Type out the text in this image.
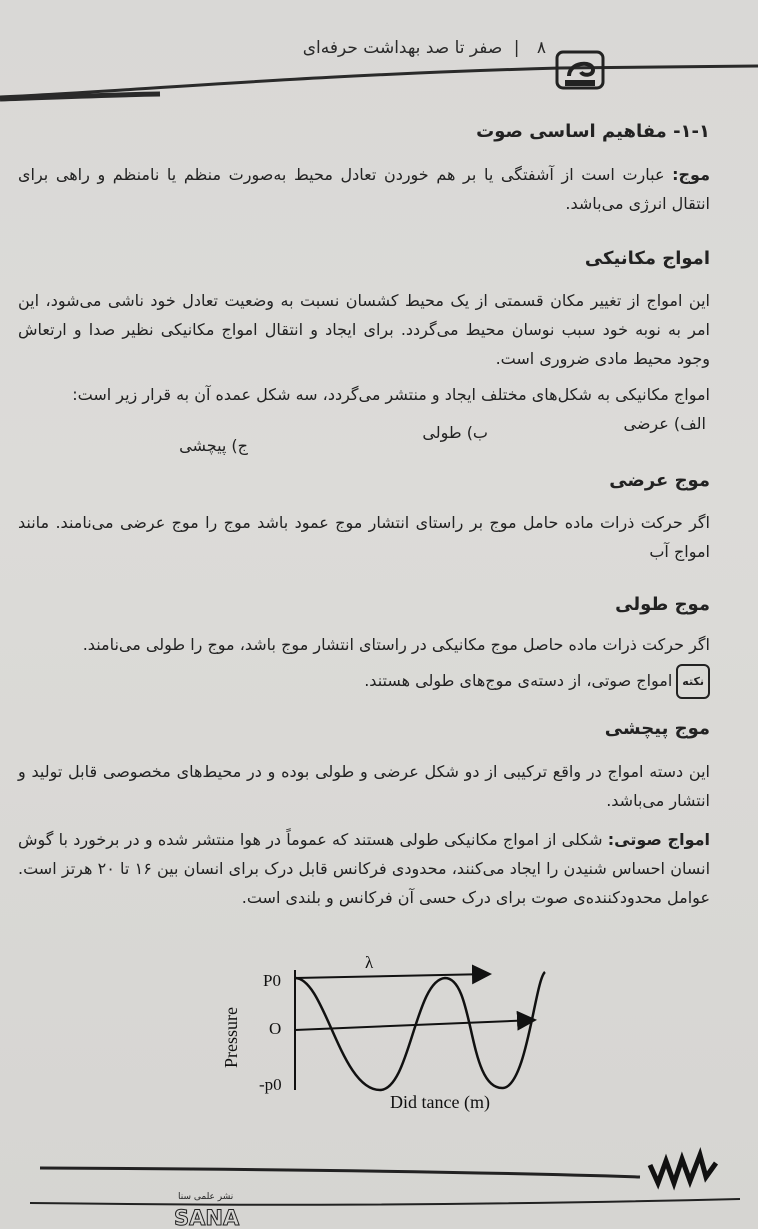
۸ | صفر تا صد بهداشت حرفه‌ای
۱-۱- مفاهیم اساسی صوت

موج: عبارت است از آشفتگی یا بر هم خوردن تعادل محیط به‌صورت منظم یا نامنظم و راهی برای انتقال انرژی می‌باشد.

امواج مکانیکی
این امواج از تغییر مکان قسمتی از یک محیط کشسان نسبت به وضعیت تعادل خود ناشی می‌شود، این امر به نوبه خود سبب نوسان محیط می‌گردد. برای ایجاد و انتقال امواج مکانیکی نظیر صدا و ارتعاش وجود محیط مادی ضروری است.
امواج مکانیکی به شکل‌های مختلف ایجاد و منتشر می‌گردد، سه شکل عمده آن به قرار زیر است:
الف) عرضی
ب) طولی
ج) پیچشی
موج عرضی
اگر حرکت ذرات ماده حامل موج بر راستای انتشار موج عمود باشد موج را موج عرضی می‌نامند. مانند امواج آب
موج طولی
اگر حرکت ذرات ماده حاصل موج مکانیکی در راستای انتشار موج باشد، موج را طولی می‌نامند.
نکتهامواج صوتی، از دسته‌ی موج‌های طولی هستند.
موج پیچشی
این دسته امواج در واقع ترکیبی از دو شکل عرضی و طولی بوده و در محیط‌های مخصوصی قابل تولید و انتشار می‌باشد.

امواج صوتی: شکلی از امواج مکانیکی طولی هستند که عموماً در هوا منتشر شده و در برخورد با گوش انسان احساس شنیدن را ایجاد می‌کنند، محدودی فرکانس قابل درک برای انسان بین ۱۶ تا ۲۰ هرتز است. عوامل محدودکننده‌ی صوت برای درک حسی آن فرکانس و بلندی است.

P0
O
-p0
λ
Did tance (m)
Pressure
نشر علمی سنا
SANA
